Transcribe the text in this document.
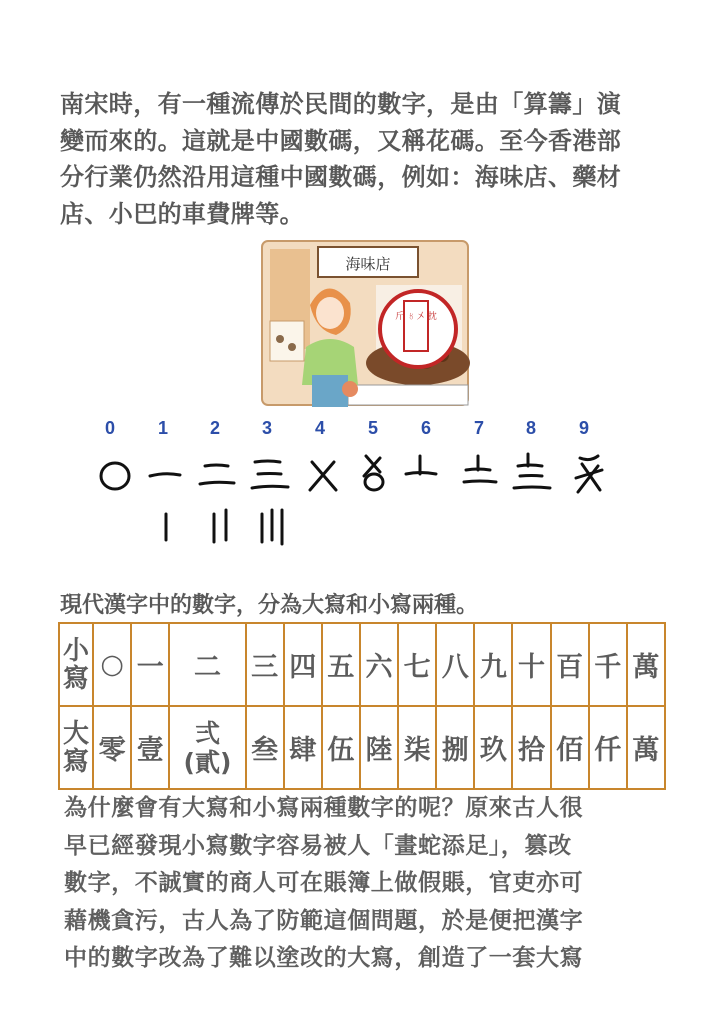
南宋時，有一種流傳於民間的數字，是由「算籌」演
變而來的。這就是中國數碼，又稱花碼。至今香港部
分行業仍然沿用這種中國數碼，例如：海味店、藥材
店、小巴的車費牌等。
海味店
斤 〥〤 抌
0	1	2	3	4	5	6	7	8	9
現代漢字中的數字，分為大寫和小寫兩種。
小寫	○	一	二	三	四	五	六	七	八	九	十	百	千	萬
大寫	零	壹	弍
(貳)	叁	肆	伍	陸	柒	捌	玖	拾	佰	仟	萬
為什麼會有大寫和小寫兩種數字的呢？原來古人很
早已經發現小寫數字容易被人「畫蛇添足」，篡改
數字，不誠實的商人可在賬簿上做假賬，官吏亦可
藉機貪污，古人為了防範這個問題，於是便把漢字
中的數字改為了難以塗改的大寫，創造了一套大寫
